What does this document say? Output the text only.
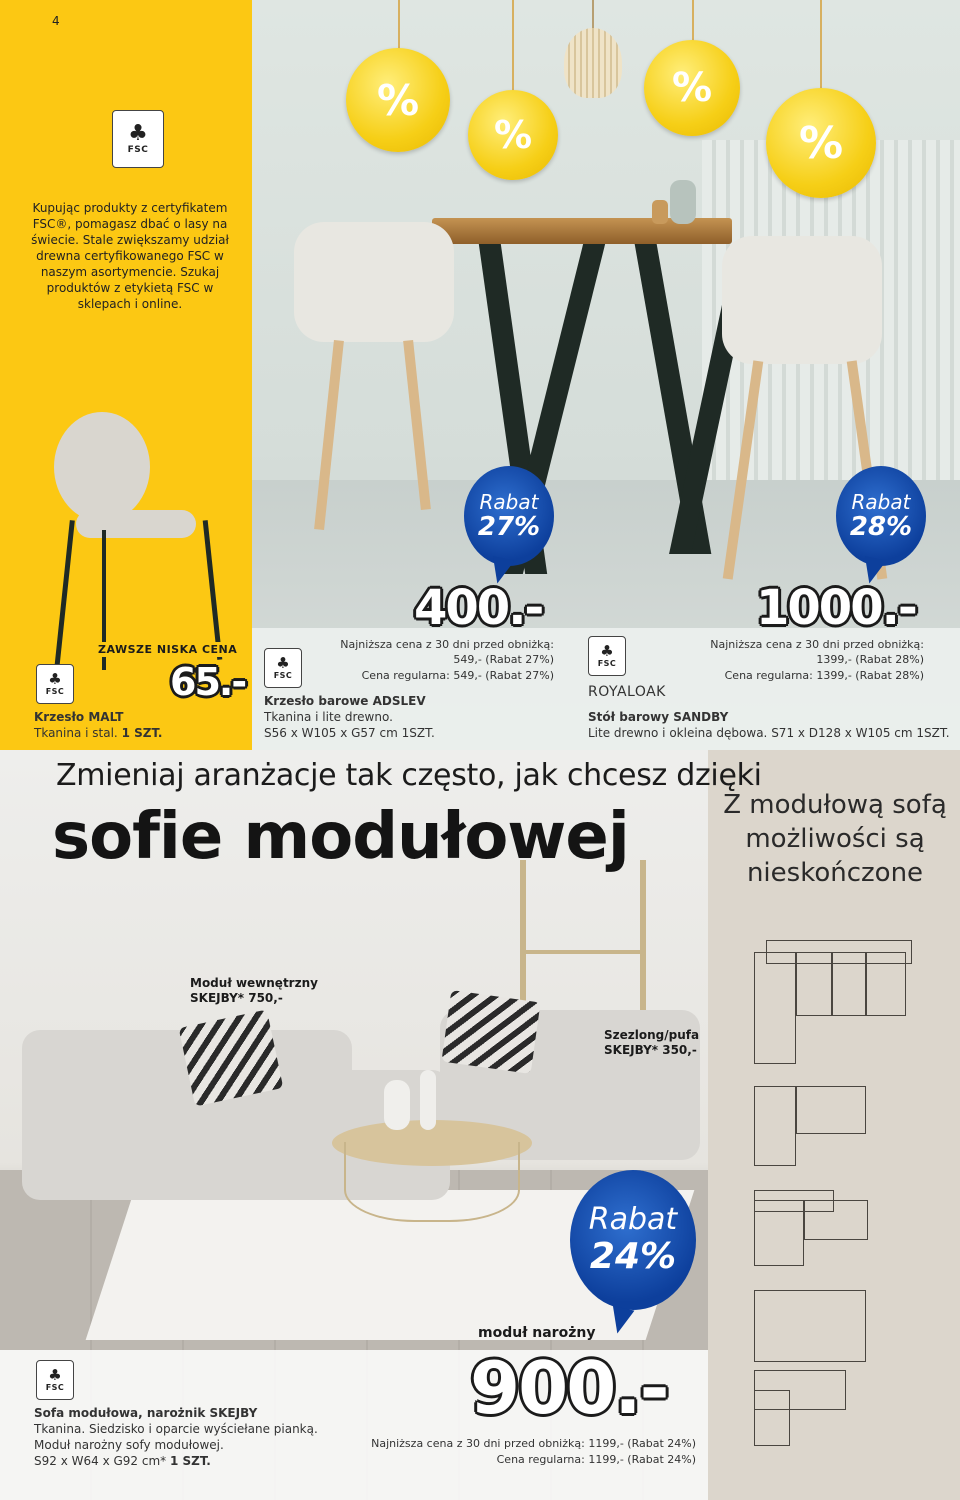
4
♣
FSC
Kupując produkty z certyfikatem FSC®, pomagasz dbać o lasy na świecie. Stale zwiększamy udział drewna certyfikowanego FSC w naszym asortymencie. Szukaj produktów z etykietą FSC w sklepach i online.
%
%
%
%
ZAWSZE NISKA CENA
65.-
♣
FSC
Krzesło MALT
Tkanina i stal. 1 SZT.
Rabat
27%
400.-
Najniższa cena z 30 dni przed obniżką: 549,- (Rabat 27%)
Cena regularna: 549,- (Rabat 27%)
♣
FSC
Krzesło barowe ADSLEV
Tkanina i lite drewno.
S56 x W105 x G57 cm 1SZT.
Rabat
28%
1000.-
Najniższa cena z 30 dni przed obniżką: 1399,- (Rabat 28%)
Cena regularna: 1399,- (Rabat 28%)
♣
FSC
ROYALOAK
Stół barowy SANDBY
Lite drewno i okleina dębowa. S71 x D128 x W105 cm 1SZT.
Zmieniaj aranżacje tak często, jak chcesz dzięki
sofie modułowej	Z modułową sofą możliwości są nieskończone
Moduł wewnętrzny SKEJBY* 750,-
Szezlong/pufa SKEJBY* 350,-
Rabat
24%
moduł narożny
900.-
Najniższa cena z 30 dni przed obniżką: 1199,- (Rabat 24%)
Cena regularna: 1199,- (Rabat 24%)
♣
FSC
Sofa modułowa, narożnik SKEJBY
Tkanina. Siedzisko i oparcie wyściełane pianką.
Moduł narożny sofy modułowej.
S92 x W64 x G92 cm* 1 SZT.
